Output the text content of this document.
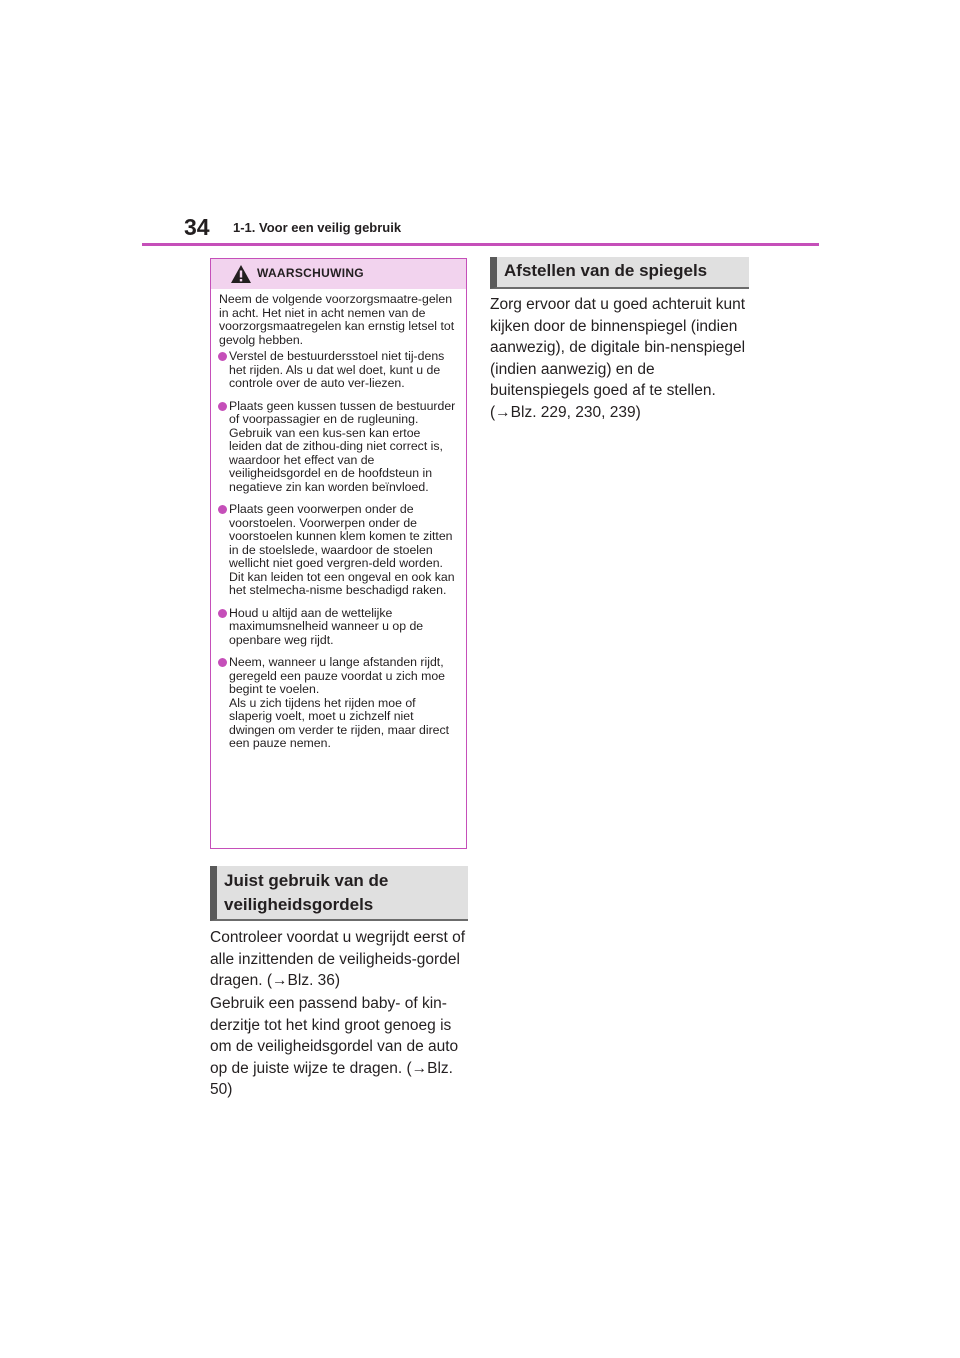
34 1-1. Voor een veilig gebruik
WAARSCHUWING

Neem de volgende voorzorgsmaatre-gelen in acht. Het niet in acht nemen van de voorzorgsmaatregelen kan ernstig letsel tot gevolg hebben.

Verstel de bestuurdersstoel niet tij-dens het rijden. Als u dat wel doet, kunt u de controle over de auto ver-liezen.

Plaats geen kussen tussen de bestuurder of voorpassagier en de rugleuning. Gebruik van een kus-sen kan ertoe leiden dat de zithou-ding niet correct is, waardoor het effect van de veiligheidsgordel en de hoofdsteun in negatieve zin kan worden beïnvloed.

Plaats geen voorwerpen onder de voorstoelen. Voorwerpen onder de voorstoelen kunnen klem komen te zitten in de stoelslede, waardoor de stoelen wellicht niet goed vergren-deld worden. Dit kan leiden tot een ongeval en ook kan het stelmecha-nisme beschadigd raken.

Houd u altijd aan de wettelijke maximumsnelheid wanneer u op de openbare weg rijdt.

Neem, wanneer u lange afstanden rijdt, geregeld een pauze voordat u zich moe begint te voelen.

Als u zich tijdens het rijden moe of slaperig voelt, moet u zichzelf niet dwingen om verder te rijden, maar direct een pauze nemen.

Juist gebruik van de
veiligheidsgordels

Controleer voordat u wegrijdt eerst of alle inzittenden de veiligheids-gordel dragen. (→Blz. 36)

Gebruik een passend baby- of kin-derzitje tot het kind groot genoeg is om de veiligheidsgordel van de auto op de juiste wijze te dragen. (→Blz. 50)

Afstellen van de spiegels

Zorg ervoor dat u goed achteruit kunt kijken door de binnenspiegel (indien aanwezig), de digitale bin-nenspiegel (indien aanwezig) en de buitenspiegels goed af te stellen. (→Blz. 229, 230, 239)
